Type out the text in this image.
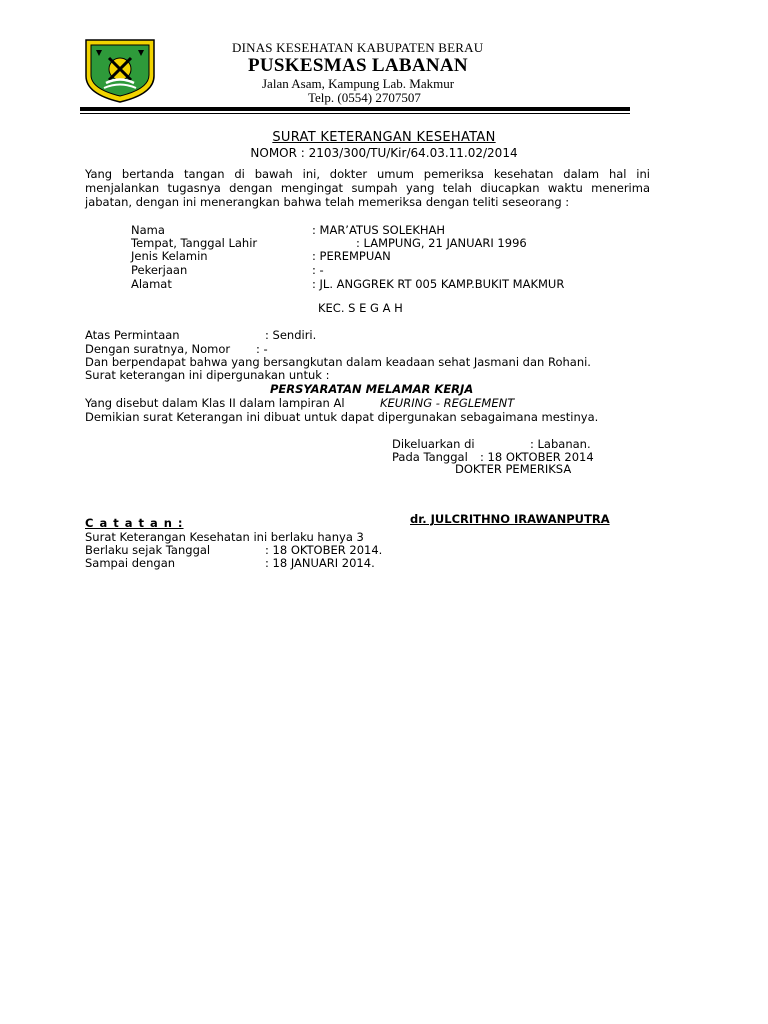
DINAS KESEHATAN KABUPATEN BERAU
PUSKESMAS LABANAN
Jalan Asam, Kampung Lab. Makmur
Telp. (0554) 2707507
SURAT KETERANGAN KESEHATAN
NOMOR : 2103/300/TU/Kir/64.03.11.02/2014
Yang bertanda tangan di bawah ini, dokter umum pemeriksa kesehatan dalam hal ini menjalankan tugasnya dengan mengingat sumpah yang telah diucapkan waktu menerima jabatan, dengan ini menerangkan bahwa telah memeriksa dengan teliti seseorang :
Nama	: MAR’ATUS SOLEKHAH
Tempat, Tanggal Lahir	: LAMPUNG, 21 JANUARI 1996
Jenis Kelamin	: PEREMPUAN
Pekerjaan	: -
Alamat	: JL. ANGGREK RT 005 KAMP.BUKIT MAKMUR
KEC. S E G A H
Atas Permintaan	: Sendiri.
Dengan suratnya, Nomor : -
Dan berpendapat bahwa yang bersangkutan dalam keadaan sehat Jasmani dan Rohani.
Surat keterangan ini dipergunakan untuk :
PERSYARATAN MELAMAR KERJA
Yang disebut dalam Klas II dalam lampiran Al	KEURING - REGLEMENT
Demikian surat Keterangan ini dibuat untuk dapat dipergunakan sebagaimana mestinya.
Dikeluarkan di	: Labanan.
Pada Tanggal : 18 OKTOBER 2014
DOKTER PEMERIKSA
dr. JULCRITHNO IRAWANPUTRA
C a t a t a n :
Surat Keterangan Kesehatan ini berlaku hanya 3
Berlaku sejak Tanggal	: 18 OKTOBER 2014.
Sampai dengan	: 18 JANUARI 2014.
